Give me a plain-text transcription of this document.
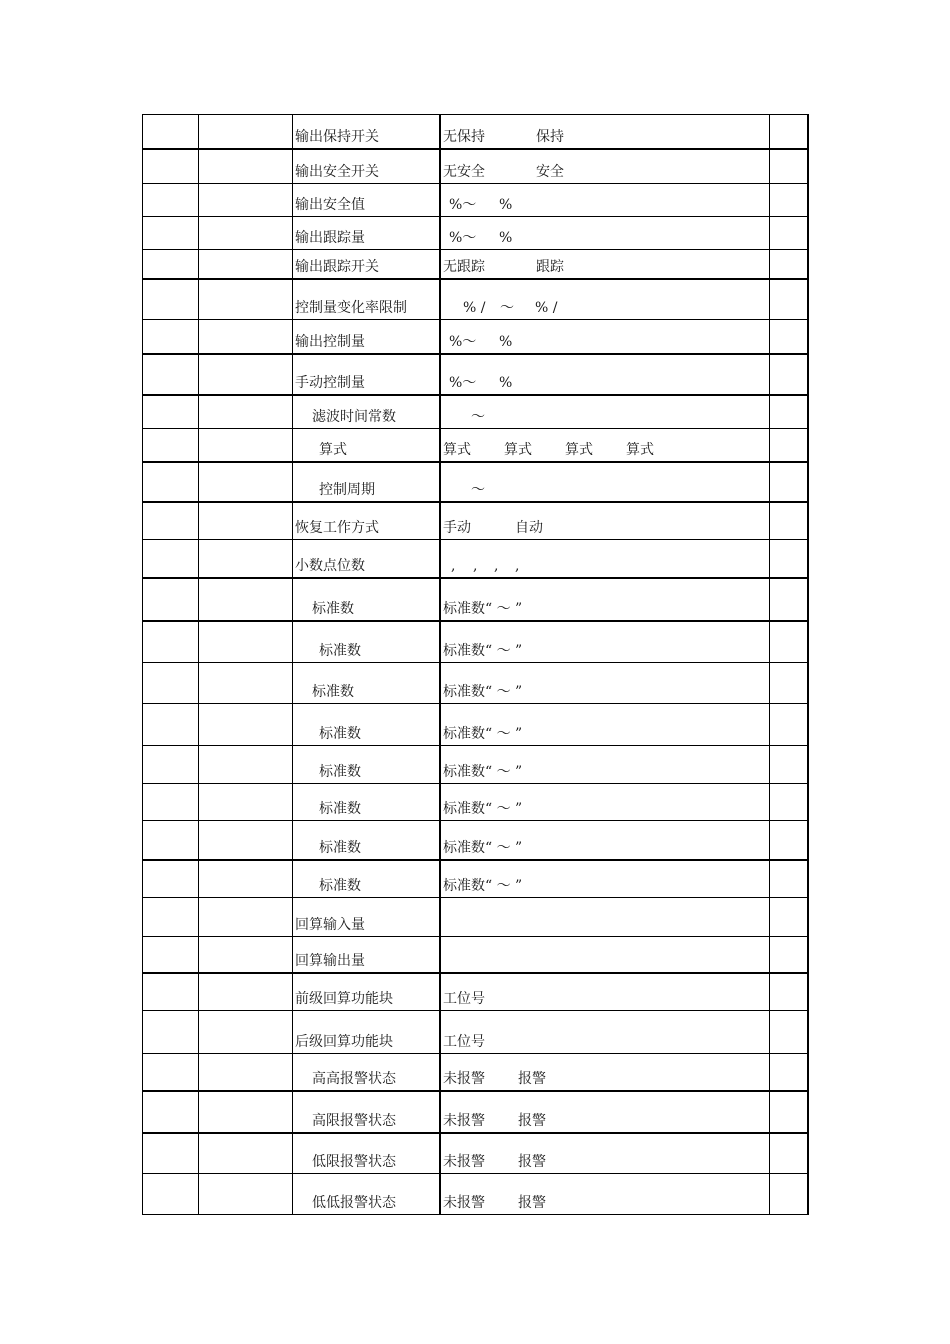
输出保持开关	无保持	保持
输出安全开关	无安全	安全
输出安全值	%～ %
输出跟踪量	%～ %
输出跟踪开关	无跟踪	跟踪
控制量变化率限制	% / ～ % /
输出控制量	%～ %
手动控制量	%～ %
滤波时间常数	～
算式	算式 算式 算式 算式
控制周期	～
恢复工作方式	手动	自动
小数点位数	, , , ,
标准数	标准数“ ～ ”
标准数	标准数“ ～ ”
标准数	标准数“ ～ ”
标准数	标准数“ ～ ”
标准数	标准数“ ～ ”
标准数	标准数“ ～ ”
标准数	标准数“ ～ ”
标准数	标准数“ ～ ”
回算输入量
回算输出量
前级回算功能块	工位号
后级回算功能块	工位号
高高报警状态	未报警 报警
高限报警状态	未报警 报警
低限报警状态	未报警 报警
低低报警状态	未报警 报警
